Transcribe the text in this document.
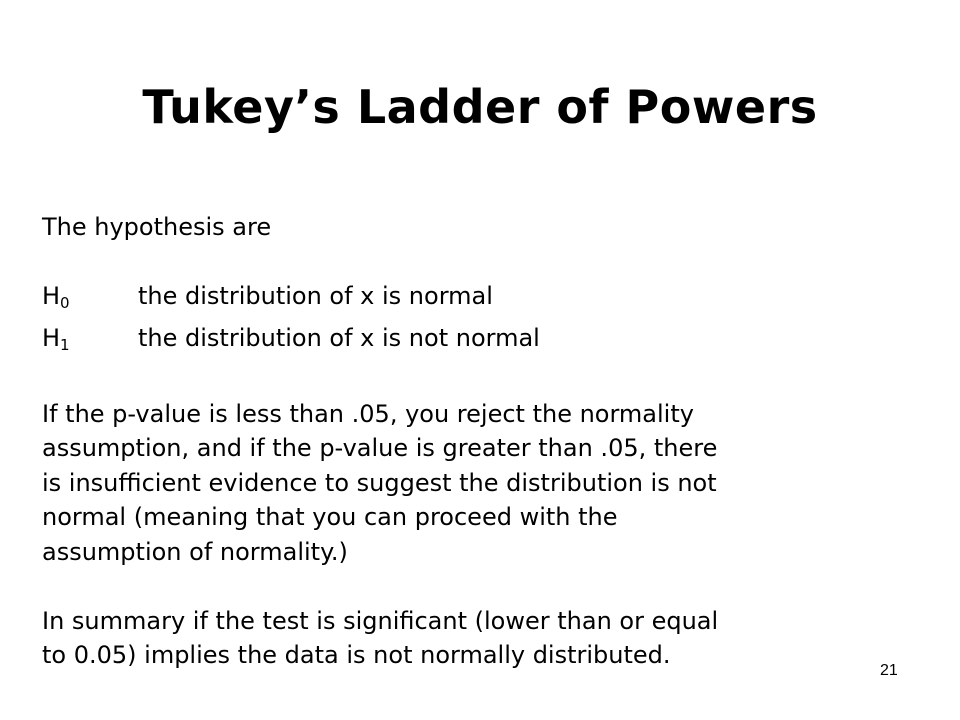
Tukey’s Ladder of Powers
The hypothesis are
$H_0$	the distribution of x is normal
$H_1$	the distribution of x is not normal
If the p-value is less than .05, you reject the normality
assumption, and if the p-value is greater than .05, there
is insufficient evidence to suggest the distribution is not
normal (meaning that you can proceed with the
assumption of normality.)
In summary if the test is significant (lower than or equal
to 0.05) implies the data is not normally distributed.
21
